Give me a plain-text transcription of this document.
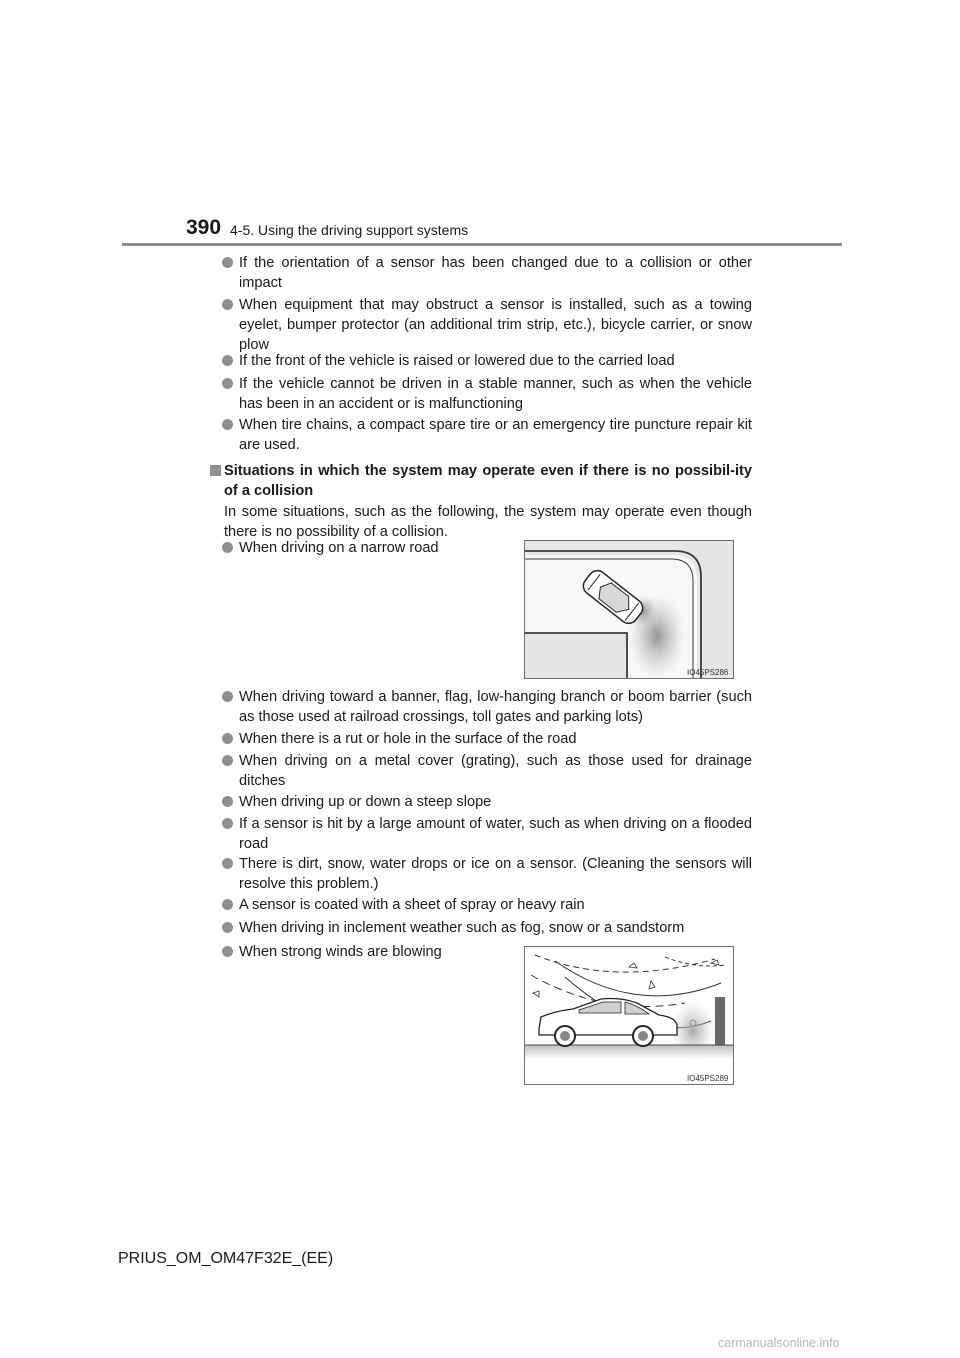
390 4-5. Using the driving support systems
If the orientation of a sensor has been changed due to a collision or other impact
When equipment that may obstruct a sensor is installed, such as a towing eyelet, bumper protector (an additional trim strip, etc.), bicycle carrier, or snow plow
If the front of the vehicle is raised or lowered due to the carried load
If the vehicle cannot be driven in a stable manner, such as when the vehicle has been in an accident or is malfunctioning
When tire chains, a compact spare tire or an emergency tire puncture repair kit are used.
Situations in which the system may operate even if there is no possibil-ity of a collision
In some situations, such as the following, the system may operate even though there is no possibility of a collision.
When driving on a narrow road
IO45PS286
When driving toward a banner, flag, low-hanging branch or boom barrier (such as those used at railroad crossings, toll gates and parking lots)
When there is a rut or hole in the surface of the road
When driving on a metal cover (grating), such as those used for drainage ditches
When driving up or down a steep slope
If a sensor is hit by a large amount of water, such as when driving on a flooded road
There is dirt, snow, water drops or ice on a sensor. (Cleaning the sensors will resolve this problem.)
A sensor is coated with a sheet of spray or heavy rain
When driving in inclement weather such as fog, snow or a sandstorm
When strong winds are blowing
IO45PS289
PRIUS_OM_OM47F32E_(EE)
carmanualsonline.info
